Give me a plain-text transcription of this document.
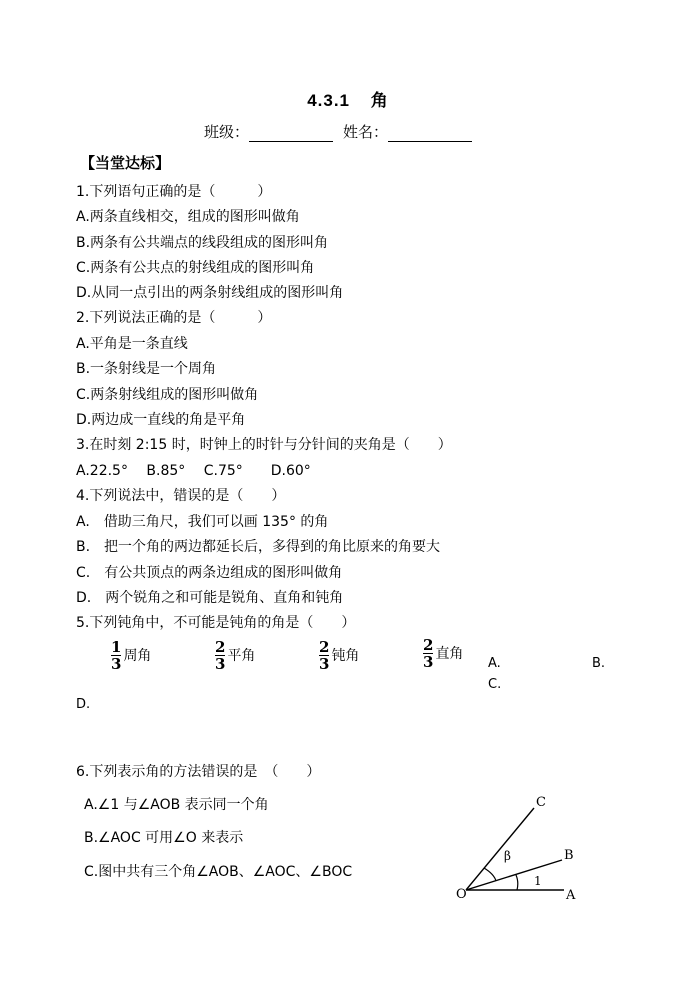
4.3.1 角
班级：	姓名：
【当堂达标】
1.下列语句正确的是（　　　）
A.两条直线相交，组成的图形叫做角
B.两条有公共端点的线段组成的图形叫角
C.两条有公共点的射线组成的图形叫角
D.从同一点引出的两条射线组成的图形叫角
2.下列说法正确的是（　　　）
A.平角是一条直线
B.一条射线是一个周角
C.两条射线组成的图形叫做角
D.两边成一直线的角是平角
3.在时刻 2:15 时，时钟上的时针与分针间的夹角是（　　）
A.22.5°　 B.85°　 C.75°　　D.60°
4.下列说法中，错误的是（　　）
A.　借助三角尺，我们可以画 135° 的角
B.　把一个角的两边都延长后，多得到的角比原来的角要大
C.　有公共顶点的两条边组成的图形叫做角
D.　两个锐角之和可能是锐角、直角和钝角
5.下列钝角中，不可能是钝角的角是（　　）
$\frac{1}{3}$ 周角	$\frac{2}{3}$ 平角	$\frac{2}{3}$ 钝角	$\frac{2}{3}$ 直角
A.	B.
C.
D.
6.下列表示角的方法错误的是　（　　）
A.∠1 与∠AOB 表示同一个角
B.∠AOC 可用∠O 来表示
C.图中共有三个角∠AOB、∠AOC、∠BOC
C
B
A
O
β
1
